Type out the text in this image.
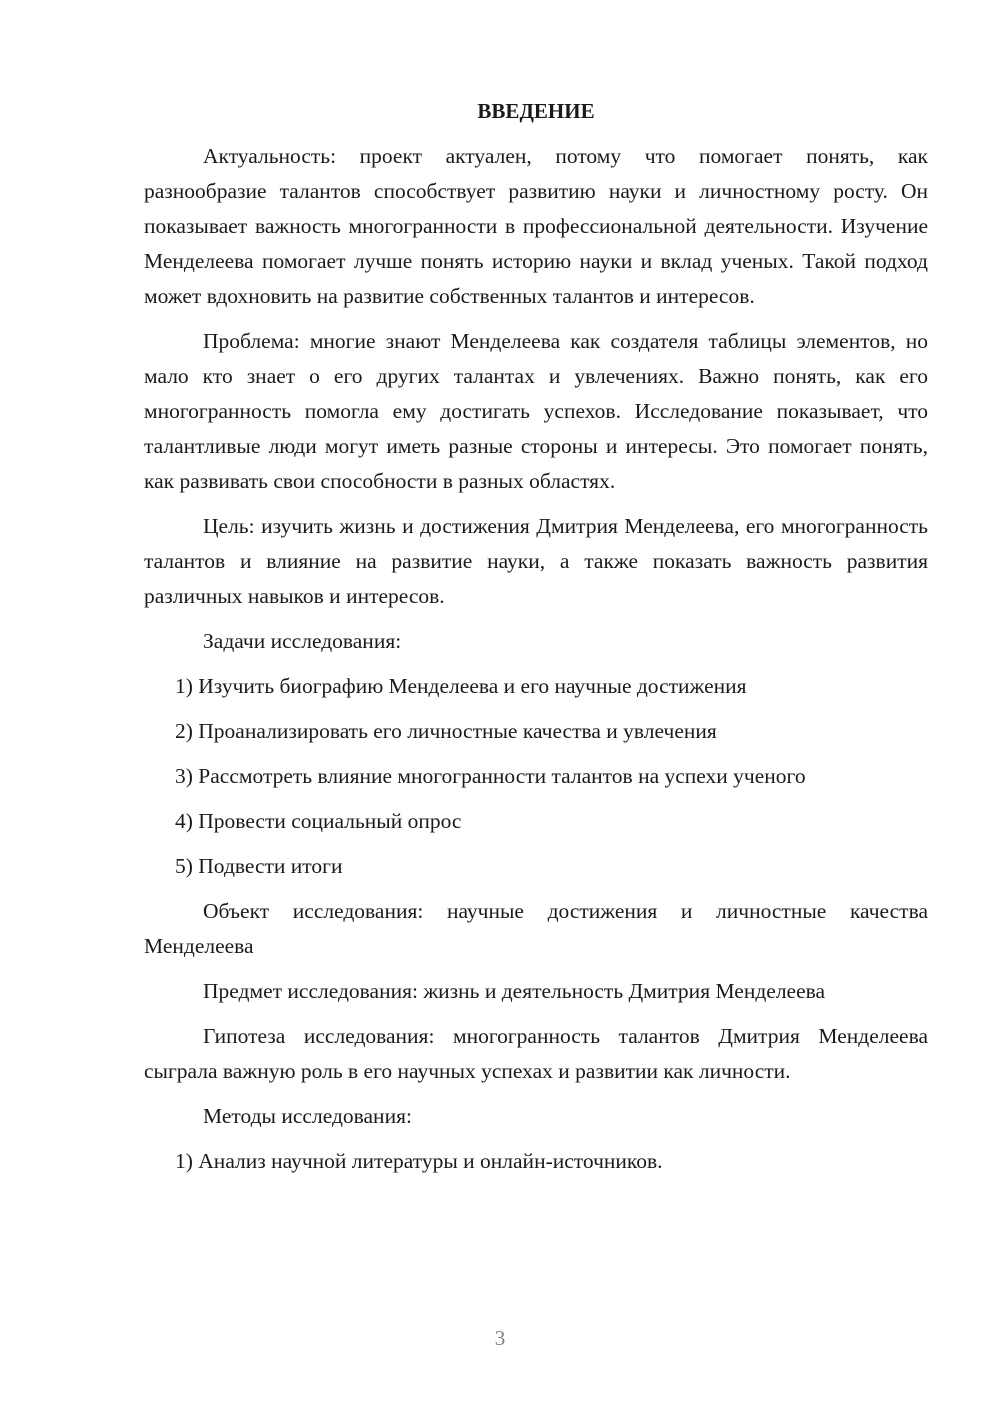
ВВЕДЕНИЕ
Актуальность: проект актуален, потому что помогает понять, как разнообразие талантов способствует развитию науки и личностному росту. Он показывает важность многогранности в профессиональной деятельности. Изучение Менделеева помогает лучше понять историю науки и вклад ученых. Такой подход может вдохновить на развитие собственных талантов и интересов.
Проблема: многие знают Менделеева как создателя таблицы элементов, но мало кто знает о его других талантах и увлечениях. Важно понять, как его многогранность помогла ему достигать успехов. Исследование показывает, что талантливые люди могут иметь разные стороны и интересы. Это помогает понять, как развивать свои способности в разных областях.
Цель: изучить жизнь и достижения Дмитрия Менделеева, его многогранность талантов и влияние на развитие науки, а также показать важность развития различных навыков и интересов.
Задачи исследования:
1) Изучить биографию Менделеева и его научные достижения
2) Проанализировать его личностные качества и увлечения
3) Рассмотреть влияние многогранности талантов на успехи ученого
4) Провести социальный опрос
5) Подвести итоги
Объект исследования: научные достижения и личностные качества Менделеева
Предмет исследования: жизнь и деятельность Дмитрия Менделеева
Гипотеза исследования: многогранность талантов Дмитрия Менделеева сыграла важную роль в его научных успехах и развитии как личности.
Методы исследования:
1) Анализ научной литературы и онлайн-источников.
3
